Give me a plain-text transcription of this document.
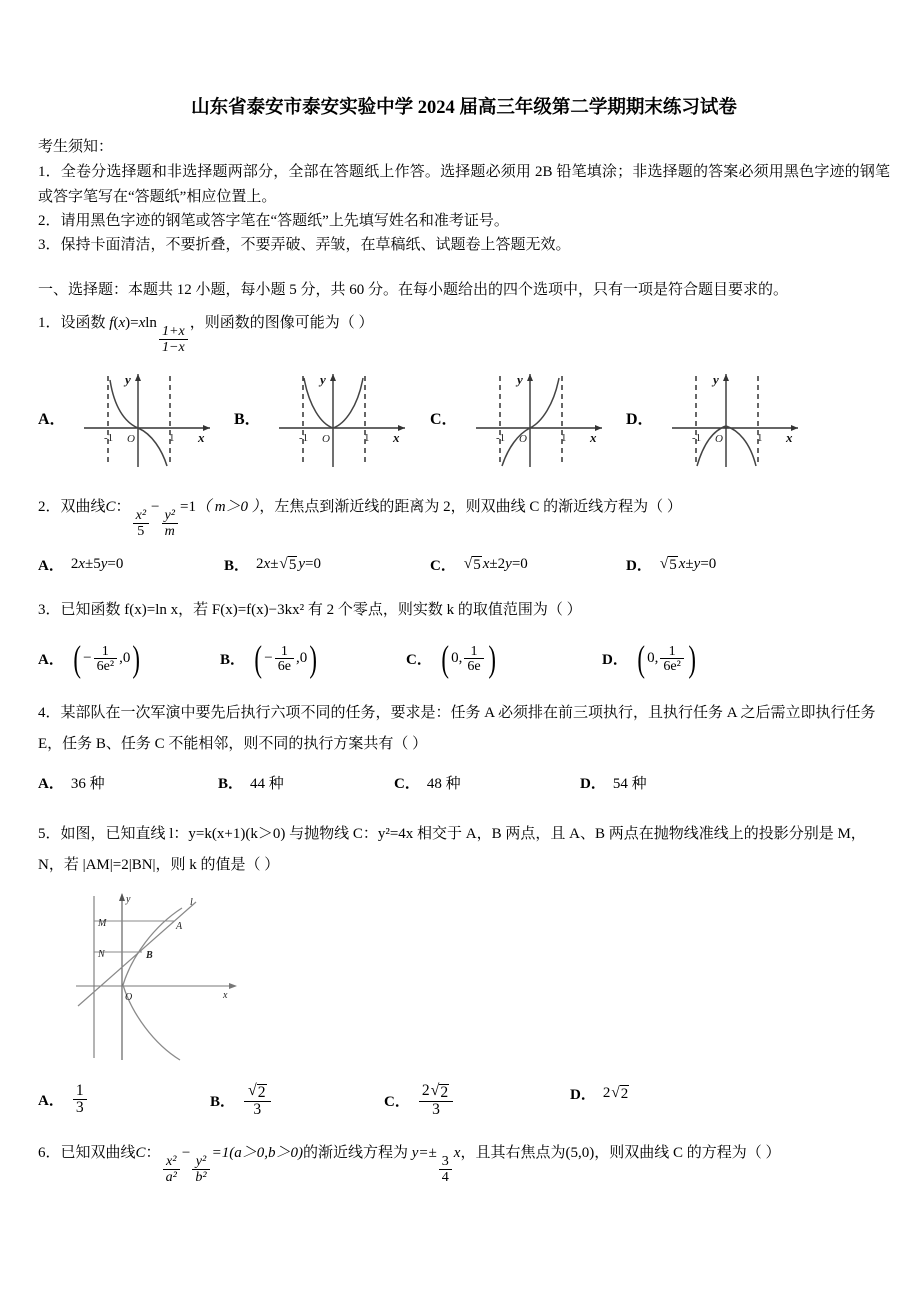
山东省泰安市泰安实验中学 2024 届高三年级第二学期期末练习试卷
考生须知：
1．全卷分选择题和非选择题两部分，全部在答题纸上作答。选择题必须用 2B 铅笔填涂；非选择题的答案必须用黑色字迹的钢笔或答字笔写在“答题纸”相应位置上。
2．请用黑色字迹的钢笔或答字笔在“答题纸”上先填写姓名和准考证号。
3．保持卡面清洁，不要折叠，不要弄破、弄皱，在草稿纸、试题卷上答题无效。
一、选择题：本题共 12 小题，每小题 5 分，共 60 分。在每小题给出的四个选项中，只有一项是符合题目要求的。
1．设函数 f(x)=xln
$\frac{1+x}{1-x}$
，则函数的图像可能为（ ）
A．
-1 O	1 x
y
B．
-1 O	1 x
y
C．
-1 O	1 x
y
D．
-1 O	1 x
y
2．双曲线C：
$\frac{\text{x²}}{5}$
−
$\frac{\text{y²}}{m}$
=1（ m＞0 ），左焦点到渐近线的距离为 2，则双曲线 C 的渐近线方程为（ ）
A． 2x±5y=0	B． 2x± √ 5 y=0	C． √ 5 x±2y=0	D． √ 5 x±y=0
3．已知函数 f(x)=ln x，若 F(x)=f(x)−3kx² 有 2 个零点，则实数 k 的取值范围为（ ）
A． ( − $\frac{1}{\text{6e²}} ,0$ )	B． ( − $\frac{1}{6e} ,0$ )	C． ( 0, $\frac{1}{6e}$ )	D． ( 0, $\frac{1}{\text{6e²}}$ )
4．某部队在一次军演中要先后执行六项不同的任务，要求是：任务 A 必须排在前三项执行，且执行任务 A 之后需立即执行任务 E，任务 B、任务 C 不能相邻，则不同的执行方案共有（ ）
A． 36 种	B． 44 种	C． 48 种	D． 54 种
5．如图，已知直线 l：y=k(x+1)(k＞0) 与抛物线 C：y²=4x 相交于 A，B 两点，且 A、B 两点在抛物线准线上的投影分别是 M，N，若 |AM|=2|BN|，则 k 的值是（ ）
M
N
A
B
O
l
x
y
A． $\frac{1}{3}$	B． $\frac{√ 2}{3}$	C． $\frac{2 √ 2}{3}$	D． 2 √ 2
6．已知双曲线C：
$\frac{\text{x²}}{\text{a²}}$
−
$\frac{\text{y²}}{\text{b²}}$
=1(a＞0,b＞0)的渐近线方程为 y=±
$\frac{3}{4}$
x，且其右焦点为(5,0)，则双曲线 C 的方程为（ ）
